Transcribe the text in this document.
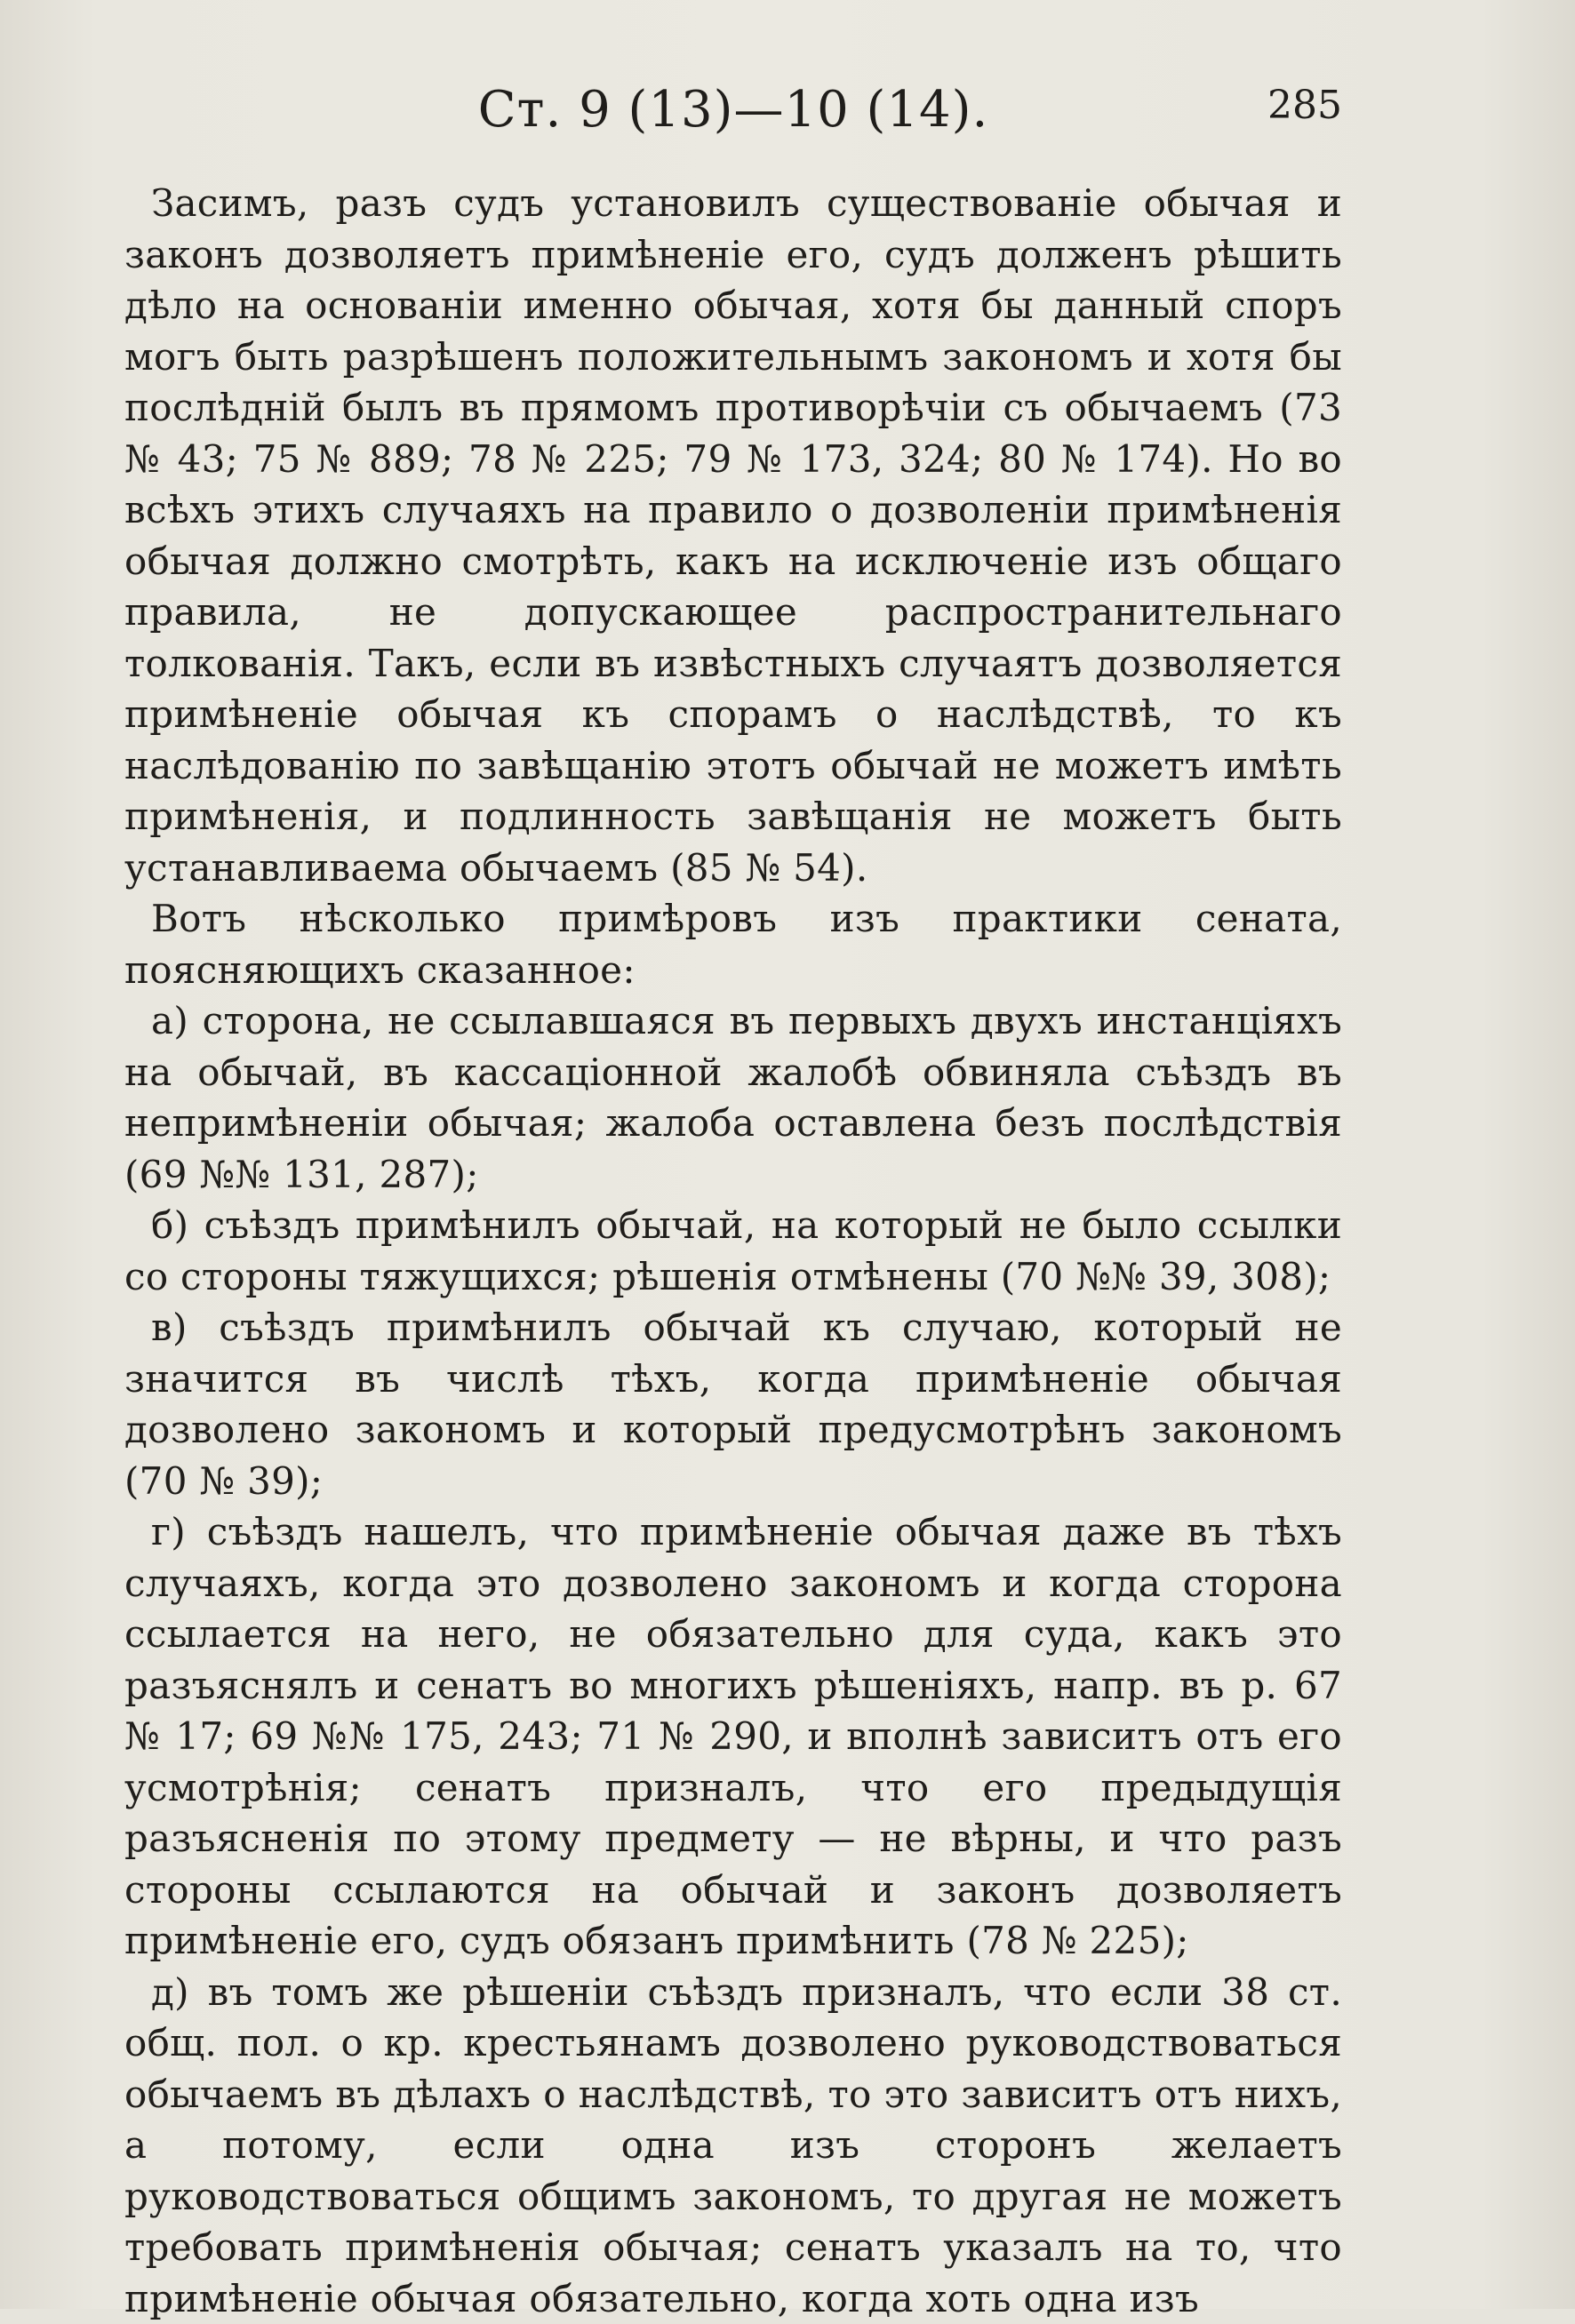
Ст. 9 (13)—10 (14).	285

Засимъ, разъ судъ установилъ существованіе обычая и законъ дозволяетъ примѣненіе его, судъ долженъ рѣшить дѣло на основаніи именно обычая, хотя бы данный споръ могъ быть разрѣшенъ положительнымъ закономъ и хотя бы послѣдній былъ въ прямомъ противорѣчіи съ обычаемъ (73 № 43; 75 № 889; 78 № 225; 79 № 173, 324; 80 № 174). Но во всѣхъ этихъ случаяхъ на правило о дозволеніи примѣненія обычая должно смотрѣть, какъ на исключеніе изъ общаго правила, не допускающее распространительнаго толкованія. Такъ, если въ извѣстныхъ случаятъ дозволяется примѣненіе обычая къ спорамъ о наслѣдствѣ, то къ наслѣдованію по завѣщанію этотъ обычай не можетъ имѣть примѣненія, и подлинность завѣщанія не можетъ быть устанавливаема обычаемъ (85 № 54).

Вотъ нѣсколько примѣровъ изъ практики сената, поясняющихъ сказанное:

а) сторона, не ссылавшаяся въ первыхъ двухъ инстанціяхъ на обычай, въ кассаціонной жалобѣ обвиняла съѣздъ въ непримѣненіи обычая; жалоба оставлена безъ послѣдствія (69 №№ 131, 287);

б) съѣздъ примѣнилъ обычай, на который не было ссылки со стороны тяжущихся; рѣшенія отмѣнены (70 №№ 39, 308);

в) съѣздъ примѣнилъ обычай къ случаю, который не значится въ числѣ тѣхъ, когда примѣненіе обычая дозволено закономъ и который предусмотрѣнъ закономъ (70 № 39);

г) съѣздъ нашелъ, что примѣненіе обычая даже въ тѣхъ случаяхъ, когда это дозволено закономъ и когда сторона ссылается на него, не обязательно для суда, какъ это разъяснялъ и сенатъ во многихъ рѣшеніяхъ, напр. въ р. 67 № 17; 69 №№ 175, 243; 71 № 290, и вполнѣ зависитъ отъ его усмотрѣнія; сенатъ призналъ, что его предыдущія разъясненія по этому предмету — не вѣрны, и что разъ стороны ссылаются на обычай и законъ дозволяетъ примѣненіе его, судъ обязанъ примѣнить (78 № 225);

д) въ томъ же рѣшеніи съѣздъ призналъ, что если 38 ст. общ. пол. о кр. крестьянамъ дозволено руководствоваться обычаемъ въ дѣлахъ о наслѣдствѣ, то это зависитъ отъ нихъ, а потому, если одна изъ сторонъ желаетъ руководствоваться общимъ закономъ, то другая не можетъ требовать примѣненія обычая; сенатъ указалъ на то, что примѣненіе обычая обязательно, когда хоть одна изъ
